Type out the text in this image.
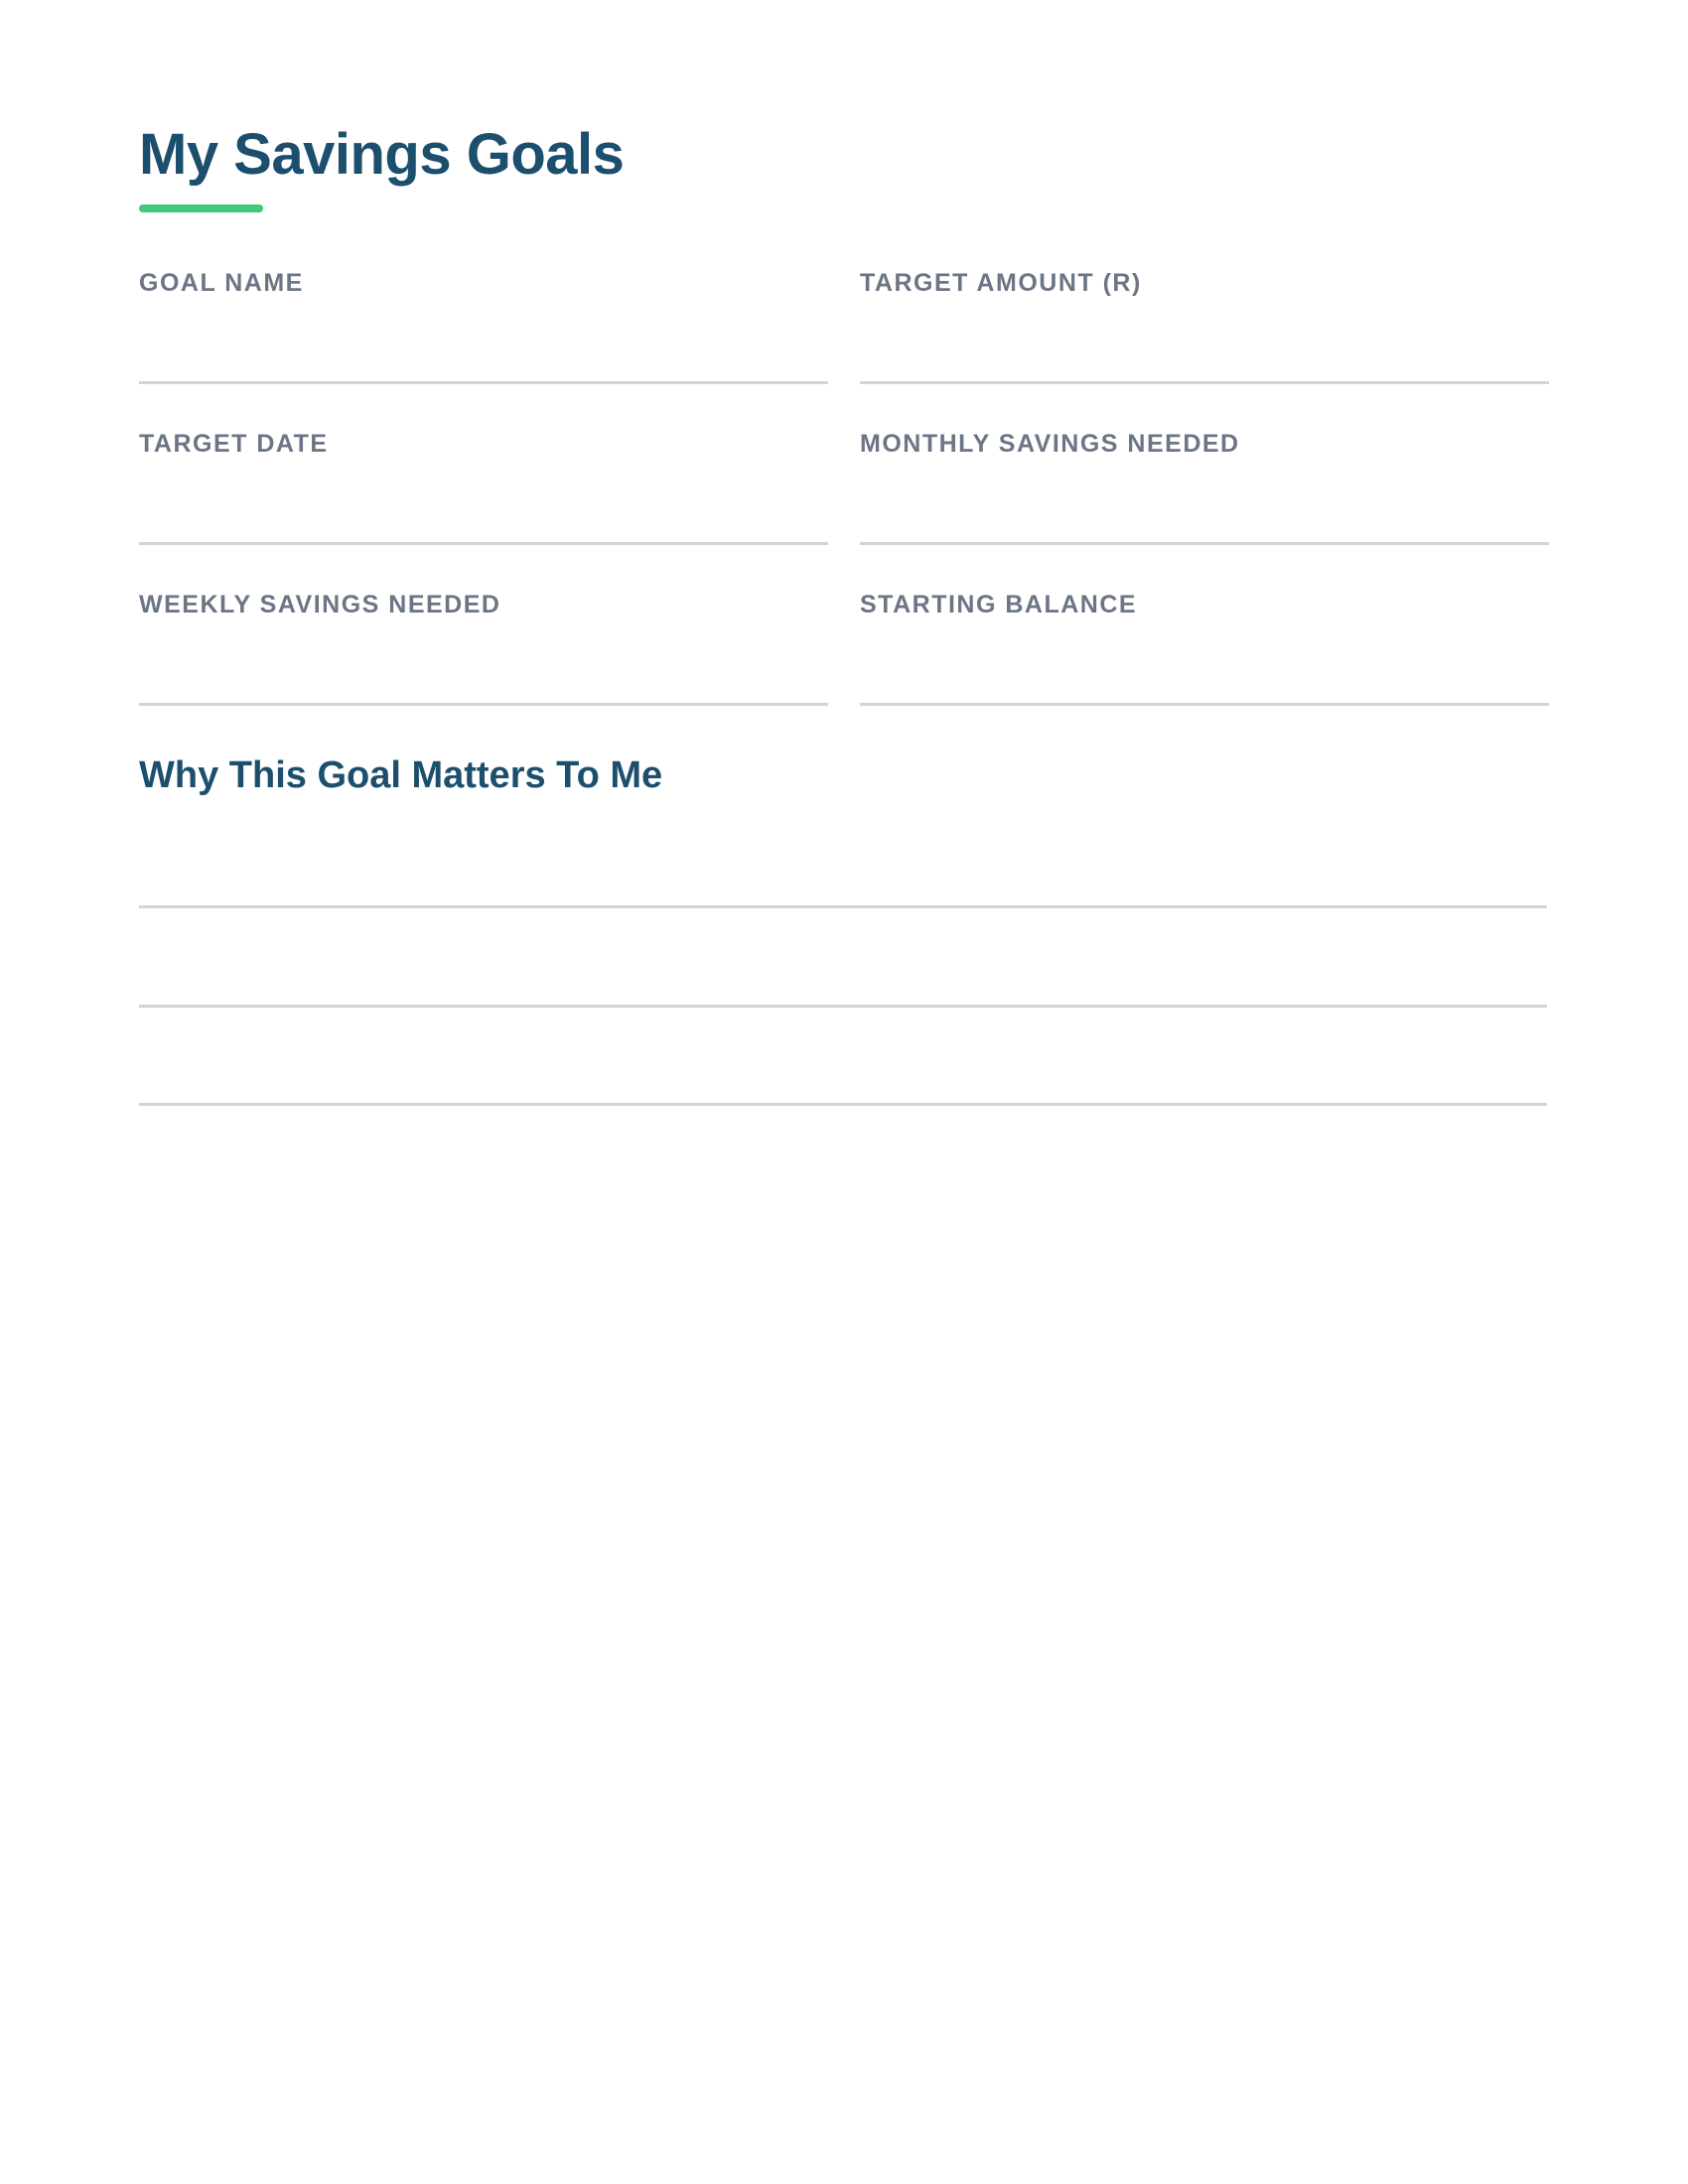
My Savings Goals
GOAL NAME	TARGET AMOUNT (R)
TARGET DATE	MONTHLY SAVINGS NEEDED
WEEKLY SAVINGS NEEDED	STARTING BALANCE
Why This Goal Matters To Me
